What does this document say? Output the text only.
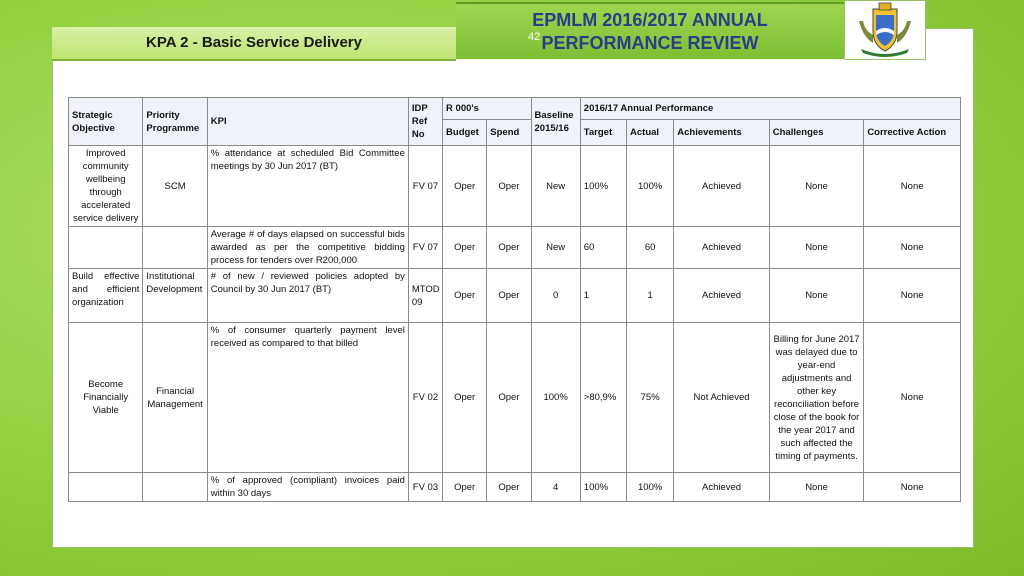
KPA 2 - Basic Service Delivery
EPMLM 2016/2017 ANNUAL
PERFORMANCE REVIEW
42
Strategic Objective	Priority Programme	KPI	IDP Ref No	R 000's		Baseline 2015/16	2016/17 Annual Performance				
				Budget	Spend		Target	Actual	Achievements	Challenges	Corrective Action
Improved community wellbeing through accelerated service delivery	SCM	% attendance at scheduled Bid Committee meetings by 30 Jun 2017 (BT)	FV 07	Oper	Oper	New	100%	100%	Achieved	None	None
		Average # of days elapsed on successful bids awarded as per the competitive bidding process for tenders over R200,000	FV 07	Oper	Oper	New	60	60	Achieved	None	None
Build effective and efficient organization	Institutional Development	# of new / reviewed policies adopted by Council by 30 Jun 2017 (BT)	MTOD 09	Oper	Oper	0	1	1	Achieved	None	None
Become Financially Viable	Financial Management	% of consumer quarterly payment level received as compared to that billed	FV 02	Oper	Oper	100%	>80,9%	75%	Not Achieved	Billing for June 2017 was delayed due to year-end adjustments and other key reconciliation before close of the book for the year 2017 and such affected the timing of payments.	None
		% of approved (compliant) invoices paid within 30 days	FV 03	Oper	Oper	4	100%	100%	Achieved	None	None
